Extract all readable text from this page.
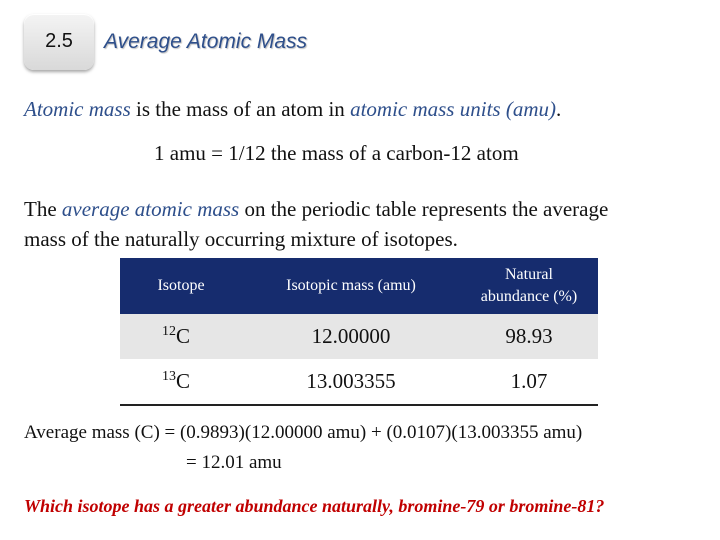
2.5 Average Atomic Mass
Atomic mass is the mass of an atom in atomic mass units (amu).
1 amu = 1/12 the mass of a carbon-12 atom
The average atomic mass on the periodic table represents the average
mass of the naturally occurring mixture of isotopes.
Isotope	Isotopic mass (amu)	Natural
abundance (%)
$^{12}$C	12.00000	98.93
$^{13}$C	13.003355	1.07
Average mass (C) = (0.9893)(12.00000 amu) + (0.0107)(13.003355 amu)
= 12.01 amu
Which isotope has a greater abundance naturally, bromine-79 or bromine-81?
